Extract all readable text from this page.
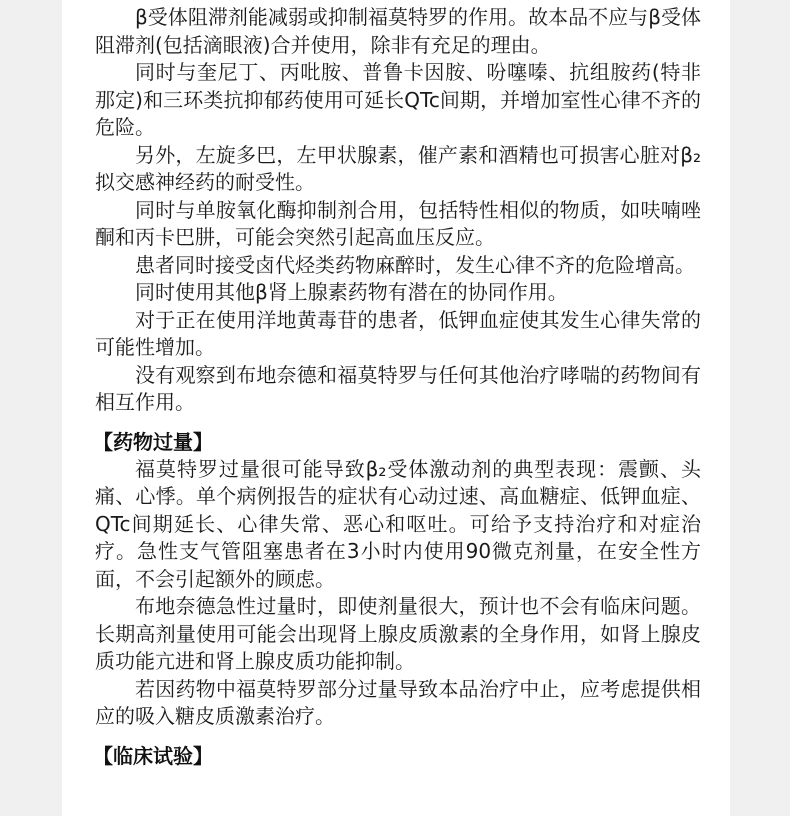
β受体阻滞剂能减弱或抑制福莫特罗的作用。故本品不应与β受体阻滞剂(包括滴眼液)合并使用，除非有充足的理由。

同时与奎尼丁、丙吡胺、普鲁卡因胺、吩噻嗪、抗组胺药(特非那定)和三环类抗抑郁药使用可延长QTc间期，并增加室性心律不齐的危险。

另外，左旋多巴，左甲状腺素，催产素和酒精也可损害心脏对β₂拟交感神经药的耐受性。

同时与单胺氧化酶抑制剂合用，包括特性相似的物质，如呋喃唑酮和丙卡巴肼，可能会突然引起高血压反应。

患者同时接受卤代烃类药物麻醉时，发生心律不齐的危险增高。

同时使用其他β肾上腺素药物有潜在的协同作用。

对于正在使用洋地黄毒苷的患者，低钾血症使其发生心律失常的可能性增加。

没有观察到布地奈德和福莫特罗与任何其他治疗哮喘的药物间有相互作用。

【药物过量】

福莫特罗过量很可能导致β₂受体激动剂的典型表现：震颤、头痛、心悸。单个病例报告的症状有心动过速、高血糖症、低钾血症、QTc间期延长、心律失常、恶心和呕吐。可给予支持治疗和对症治疗。急性支气管阻塞患者在3小时内使用90微克剂量，在安全性方面，不会引起额外的顾虑。

布地奈德急性过量时，即使剂量很大，预计也不会有临床问题。长期高剂量使用可能会出现肾上腺皮质激素的全身作用，如肾上腺皮质功能亢进和肾上腺皮质功能抑制。

若因药物中福莫特罗部分过量导致本品治疗中止，应考虑提供相应的吸入糖皮质激素治疗。

【临床试验】
